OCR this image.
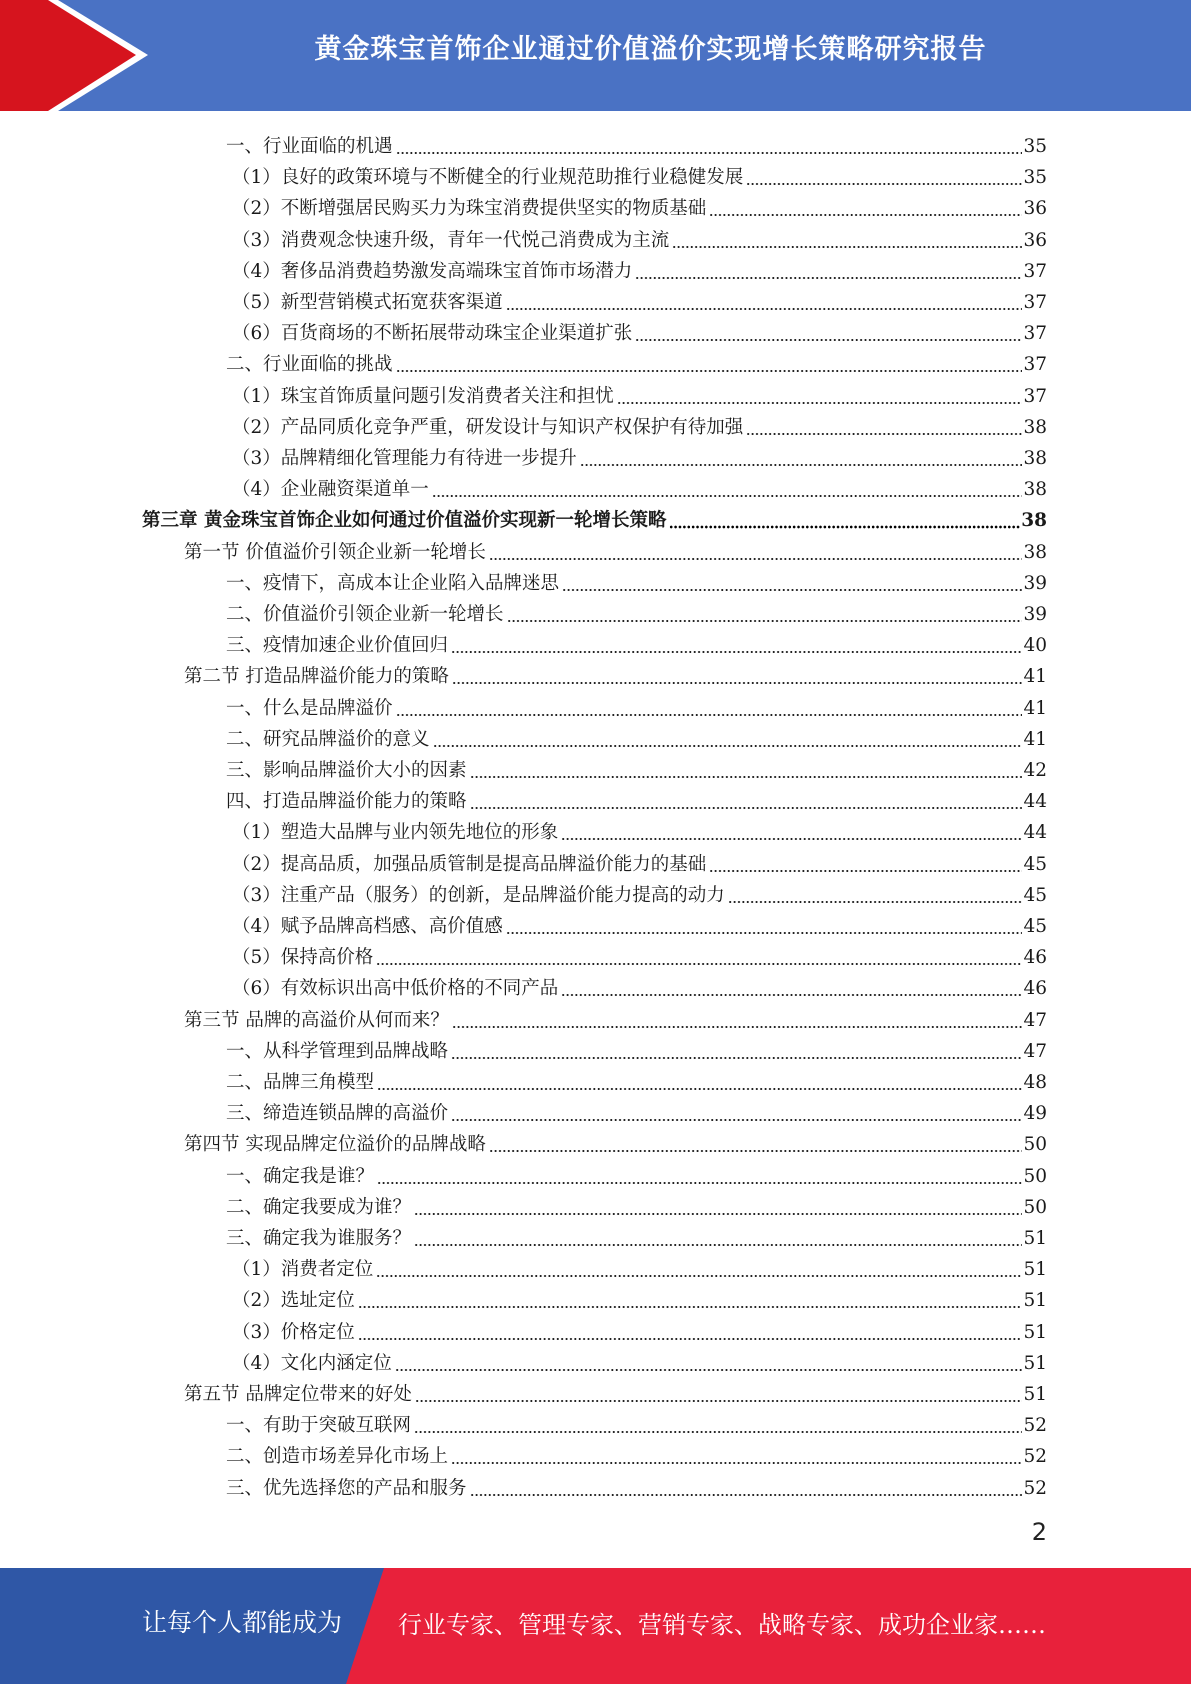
黄金珠宝首饰企业通过价值溢价实现增长策略研究报告
一、行业面临的机遇	35
（1）良好的政策环境与不断健全的行业规范助推行业稳健发展	35
（2）不断增强居民购买力为珠宝消费提供坚实的物质基础	36
（3）消费观念快速升级，青年一代悦己消费成为主流	36
（4）奢侈品消费趋势激发高端珠宝首饰市场潜力	37
（5）新型营销模式拓宽获客渠道	37
（6）百货商场的不断拓展带动珠宝企业渠道扩张	37
二、行业面临的挑战	37
（1）珠宝首饰质量问题引发消费者关注和担忧	37
（2）产品同质化竞争严重，研发设计与知识产权保护有待加强	38
（3）品牌精细化管理能力有待进一步提升	38
（4）企业融资渠道单一	38
第三章 黄金珠宝首饰企业如何通过价值溢价实现新一轮增长策略	38
第一节 价值溢价引领企业新一轮增长	38
一、疫情下，高成本让企业陷入品牌迷思	39
二、价值溢价引领企业新一轮增长	39
三、疫情加速企业价值回归	40
第二节 打造品牌溢价能力的策略	41
一、什么是品牌溢价	41
二、研究品牌溢价的意义	41
三、影响品牌溢价大小的因素	42
四、打造品牌溢价能力的策略	44
（1）塑造大品牌与业内领先地位的形象	44
（2）提高品质，加强品质管制是提高品牌溢价能力的基础	45
（3）注重产品（服务）的创新，是品牌溢价能力提高的动力	45
（4）赋予品牌高档感、高价值感	45
（5）保持高价格	46
（6）有效标识出高中低价格的不同产品	46
第三节 品牌的高溢价从何而来？	47
一、从科学管理到品牌战略	47
二、品牌三角模型	48
三、缔造连锁品牌的高溢价	49
第四节 实现品牌定位溢价的品牌战略	50
一、确定我是谁？	50
二、确定我要成为谁？	50
三、确定我为谁服务？	51
（1）消费者定位	51
（2）选址定位	51
（3）价格定位	51
（4）文化内涵定位	51
第五节 品牌定位带来的好处	51
一、有助于突破互联网	52
二、创造市场差异化市场上	52
三、优先选择您的产品和服务	52
2
让每个人都能成为 行业专家、管理专家、营销专家、战略专家、成功企业家……
